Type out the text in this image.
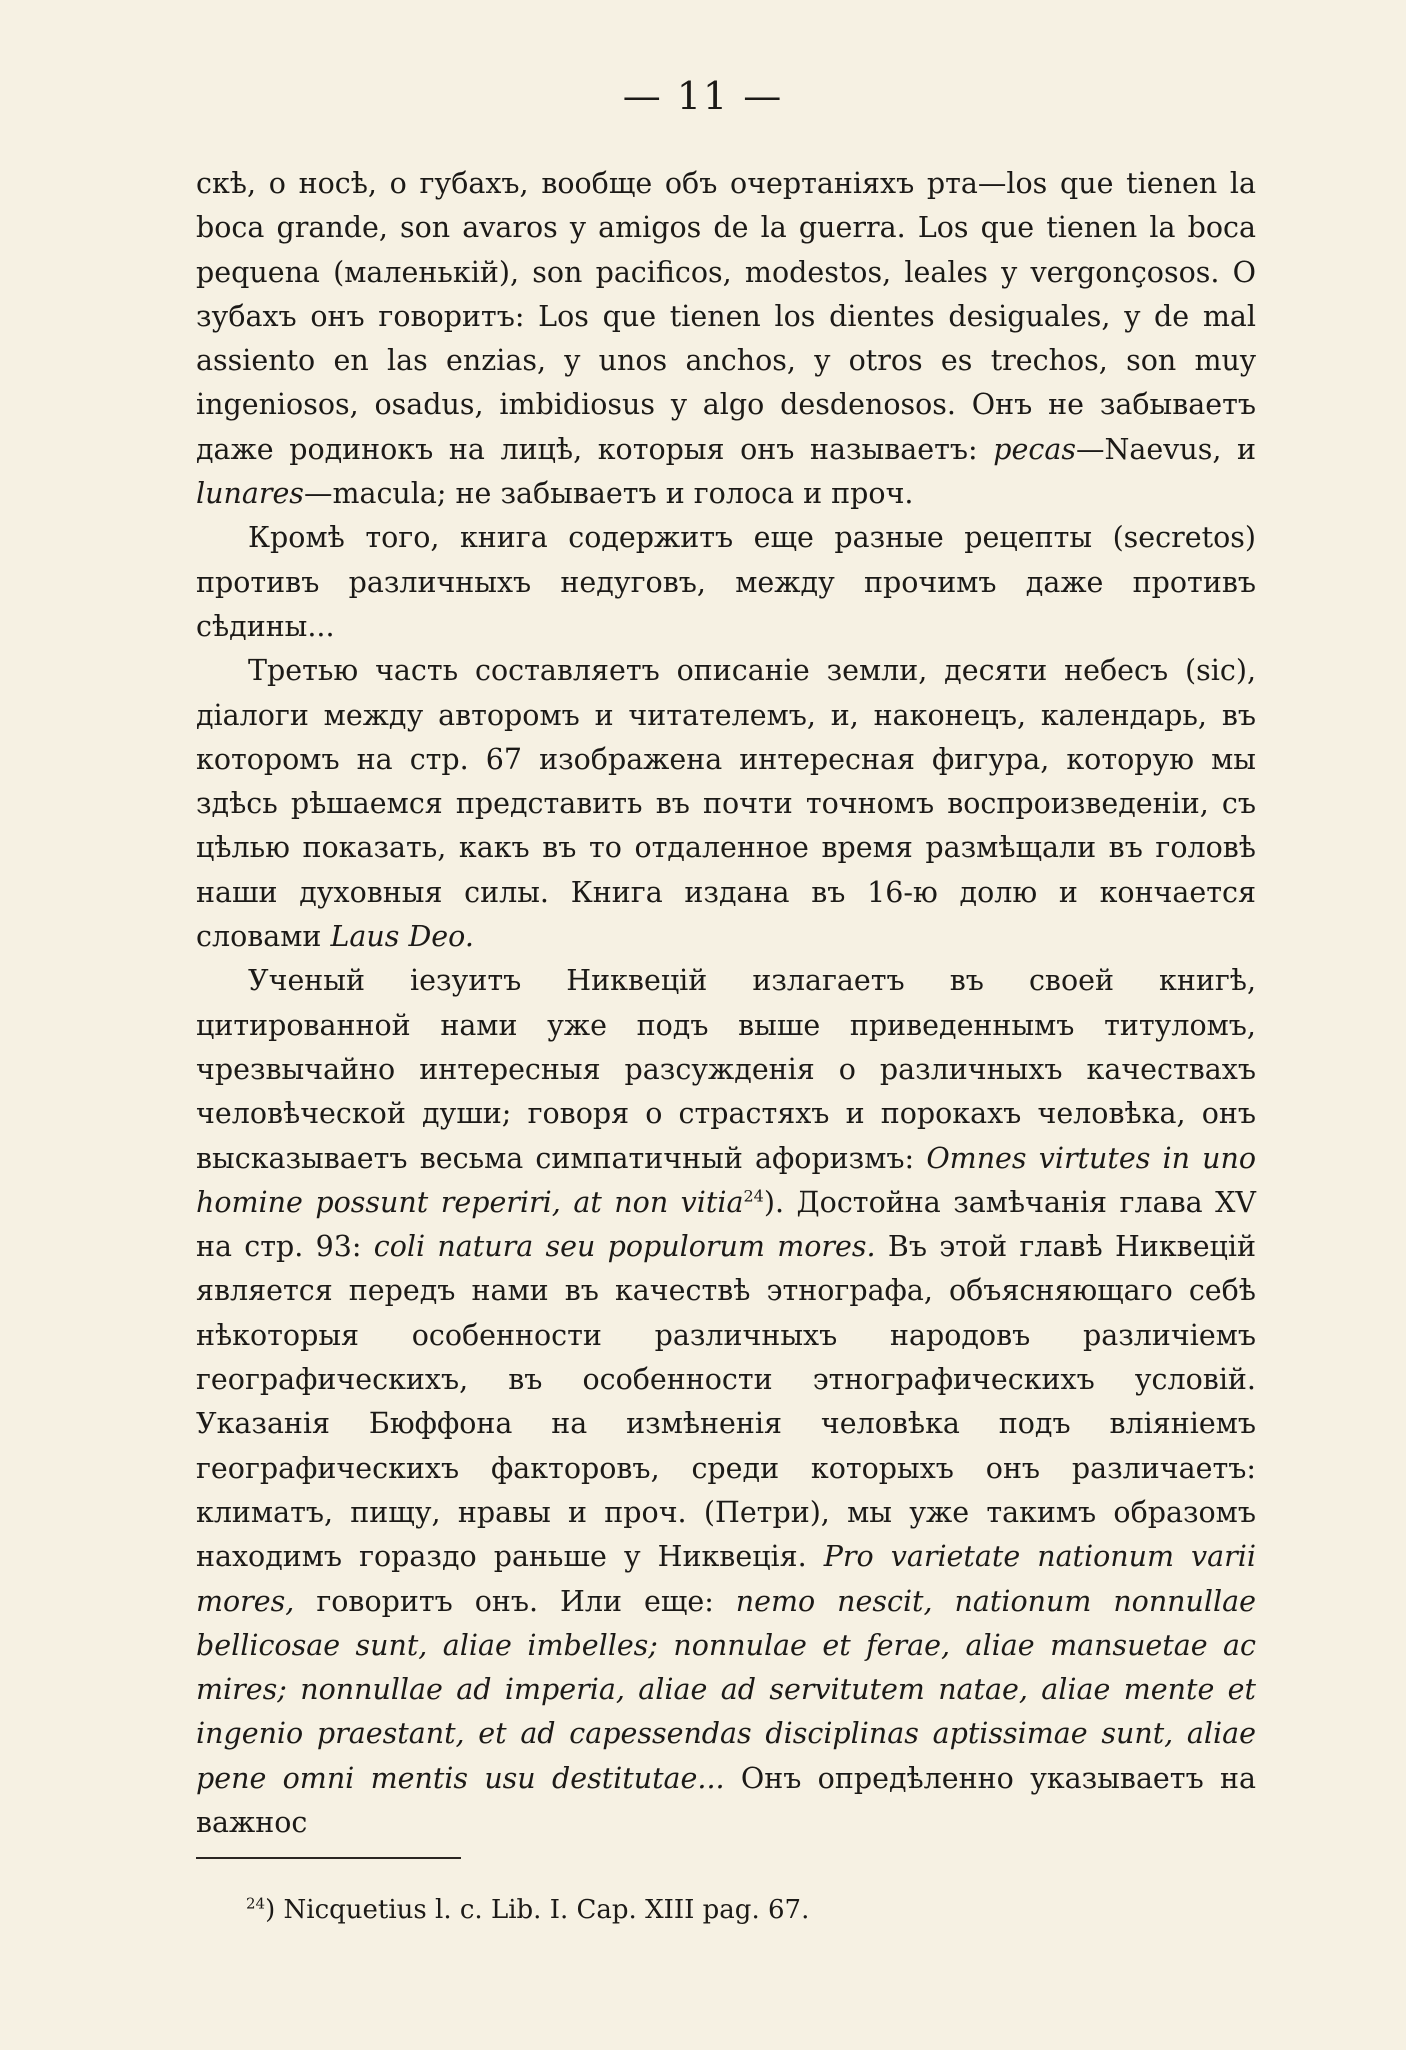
— 11 —

скѣ, о носѣ, о губахъ, вообще объ очертаніяхъ рта—los que tienen la boca grande, son avaros y amigos de la guerra. Los que tienen la boca pequena (маленькій), son pacificos, modestos, leales y vergonçosos. О зубахъ онъ говоритъ: Los que tienen los dientes desiguales, y de mal assiento en las enzias, y unos anchos, y otros es trechos, son muy ingeniosos, osadus, imbidiosus y algo desdenosos. Онъ не забываетъ даже родинокъ на лицѣ, которыя онъ называетъ: pecas—Naevus, и lunares—macula; не забываетъ и голоса и проч.

Кромѣ того, книга содержитъ еще разные рецепты (secretos) противъ различныхъ недуговъ, между прочимъ даже противъ сѣдины...

Третью часть составляетъ описаніе земли, десяти небесъ (sic), діалоги между авторомъ и читателемъ, и, наконецъ, календарь, въ которомъ на стр. 67 изображена интересная фигура, которую мы здѣсь рѣшаемся представить въ почти точномъ воспроизведеніи, съ цѣлью показать, какъ въ то отдаленное время размѣщали въ головѣ наши духовныя силы. Книга издана въ 16-ю долю и кончается словами Laus Deo.

Ученый іезуитъ Никвецій излагаетъ въ своей книгѣ, цитированной нами уже подъ выше приведеннымъ титуломъ, чрезвычайно интересныя разсужденія о различныхъ качествахъ человѣческой души; говоря о страстяхъ и порокахъ человѣка, онъ высказываетъ весьма симпатичный афоризмъ: Omnes virtutes in uno homine possunt reperiri, at non vitia$^{24}$). Достойна замѣчанія глава XV на стр. 93: coli natura seu populorum mores. Въ этой главѣ Никвецій является передъ нами въ качествѣ этнографа, объясняющаго себѣ нѣкоторыя особенности различныхъ народовъ различіемъ географическихъ, въ особенности этнографическихъ условій. Указанія Бюффона на измѣненія человѣка подъ вліяніемъ географическихъ факторовъ, среди которыхъ онъ различаетъ: климатъ, пищу, нравы и проч. (Петри), мы уже такимъ образомъ находимъ гораздо раньше у Никвеція. Pro varietate nationum varii mores, говоритъ онъ. Или еще: nemo nescit, nationum nonnullae bellicosae sunt, aliae imbelles; nonnulae et ferae, aliae mansuetae ac mires; nonnullae ad imperia, aliae ad servitutem natae, aliae mente et ingenio praestant, et ad capessendas disciplinas aptissimae sunt, aliae pene omni mentis usu destitutae... Онъ опредѣленно указываетъ на важнос

$^{24}$) Nicquetius l. c. Lib. I. Cap. XIII pag. 67.
